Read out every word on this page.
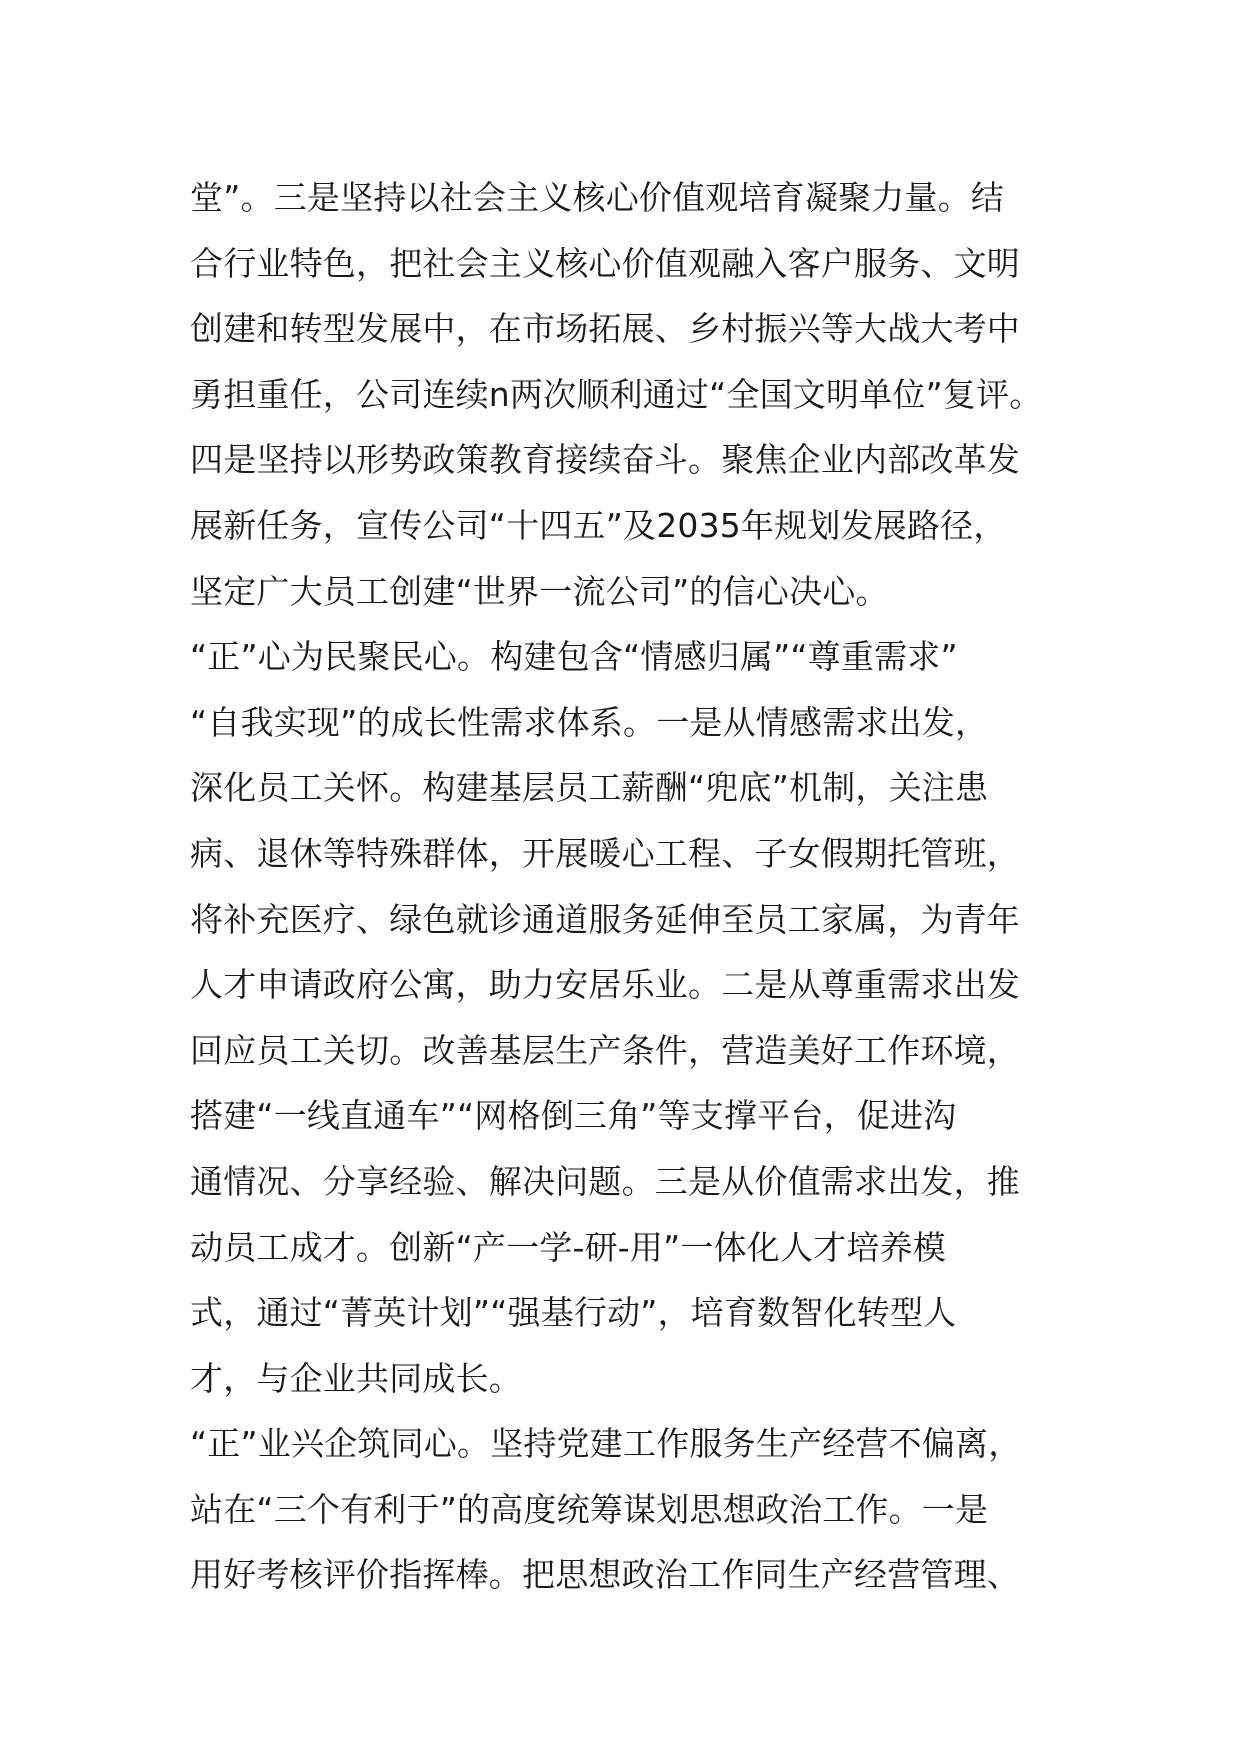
堂”。三是坚持以社会主义核心价值观培育凝聚力量。结
合行业特色，把社会主义核心价值观融入客户服务、文明
创建和转型发展中，在市场拓展、乡村振兴等大战大考中
勇担重任，公司连续n两次顺利通过“全国文明单位”复评。
四是坚持以形势政策教育接续奋斗。聚焦企业内部改革发
展新任务，宣传公司“十四五”及2035年规划发展路径，
坚定广大员工创建“世界一流公司”的信心决心。
“正”心为民聚民心。构建包含“情感归属”“尊重需求”
“自我实现”的成长性需求体系。一是从情感需求出发，
深化员工关怀。构建基层员工薪酬“兜底”机制，关注患
病、退休等特殊群体，开展暖心工程、子女假期托管班，
将补充医疗、绿色就诊通道服务延伸至员工家属，为青年
人才申请政府公寓，助力安居乐业。二是从尊重需求出发
回应员工关切。改善基层生产条件，营造美好工作环境，
搭建“一线直通车”“网格倒三角”等支撑平台，促进沟
通情况、分享经验、解决问题。三是从价值需求出发，推
动员工成才。创新“产一学-研-用”一体化人才培养模
式，通过“菁英计划”“强基行动”，培育数智化转型人
才，与企业共同成长。
“正”业兴企筑同心。坚持党建工作服务生产经营不偏离，
站在“三个有利于”的高度统筹谋划思想政治工作。一是
用好考核评价指挥棒。把思想政治工作同生产经营管理、
